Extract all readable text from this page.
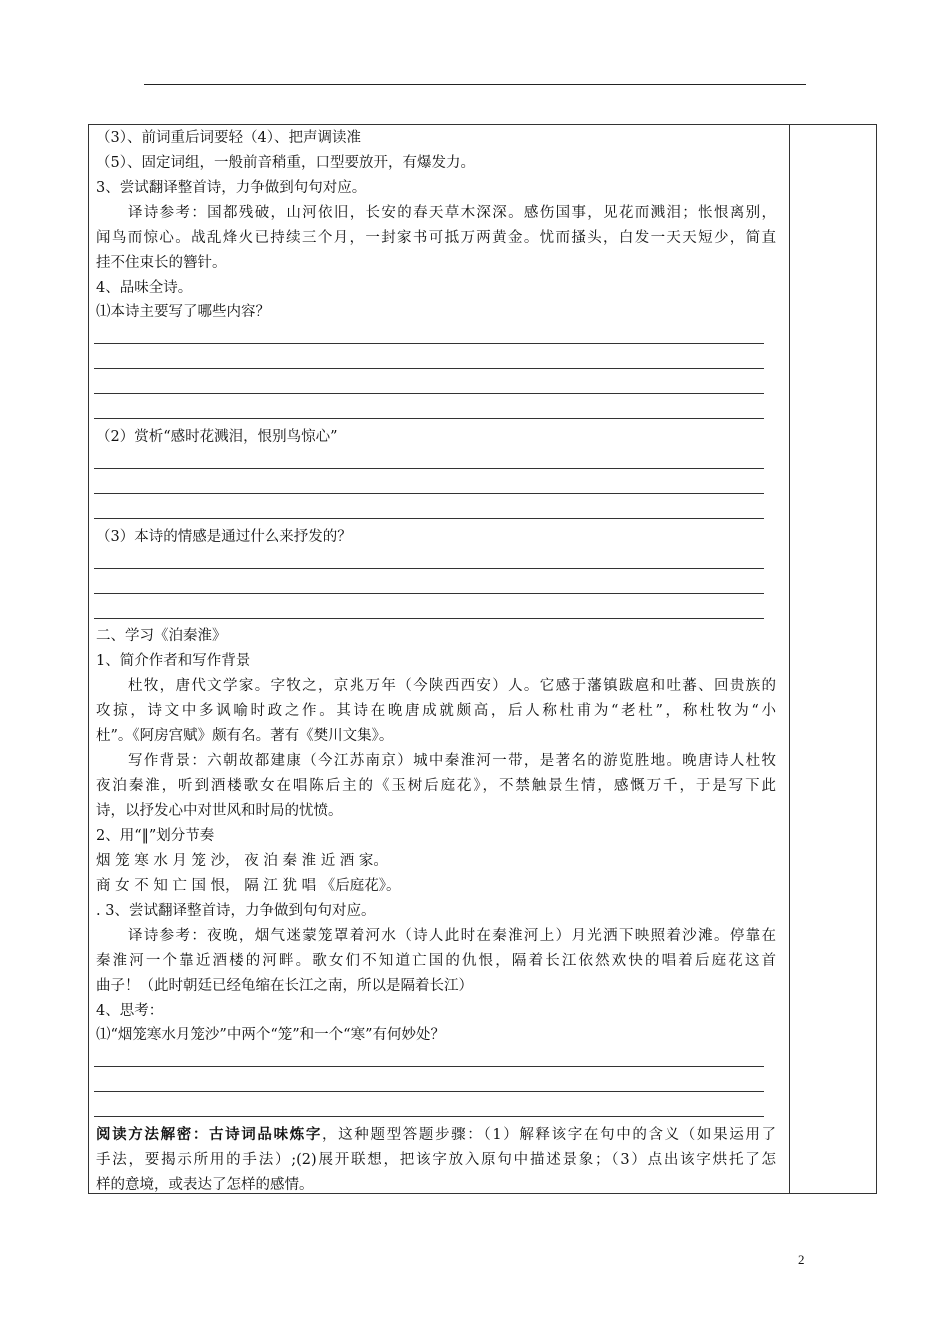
（3）、前词重后词要轻（4）、把声调读准
（5）、固定词组，一般前音稍重，口型要放开，有爆发力。
3、尝试翻译整首诗，力争做到句句对应。
译诗参考：国都残破，山河依旧，长安的春天草木深深。感伤国事，见花而溅泪；怅恨离别，
闻鸟而惊心。战乱烽火已持续三个月，一封家书可抵万两黄金。忧而搔头，白发一天天短少，简直
挂不住束长的簪针。
4、品味全诗。
⑴本诗主要写了哪些内容？
（2）赏析“感时花溅泪，恨别鸟惊心”
（3）本诗的情感是通过什么来抒发的？
二、学习《泊秦淮》
1、简介作者和写作背景
杜牧，唐代文学家。字牧之，京兆万年（今陕西西安）人。它感于藩镇跋扈和吐蕃、回贵族的
攻掠，诗文中多讽喻时政之作。其诗在晚唐成就颇高，后人称杜甫为“老杜”，称杜牧为“小
杜”。《阿房宫赋》颇有名。著有《樊川文集》。
写作背景：六朝故都建康（今江苏南京）城中秦淮河一带，是著名的游览胜地。晚唐诗人杜牧
夜泊秦淮，听到酒楼歌女在唱陈后主的《玉树后庭花》，不禁触景生情，感慨万千，于是写下此
诗，以抒发心中对世风和时局的忧愤。
2、用“‖”划分节奏
烟 笼 寒 水 月 笼 沙， 夜 泊 秦 淮 近 酒 家。
商 女 不 知 亡 国 恨， 隔 江 犹 唱 《后庭花》。
. 3、尝试翻译整首诗，力争做到句句对应。
译诗参考：夜晚，烟气迷蒙笼罩着河水（诗人此时在秦淮河上）月光洒下映照着沙滩。停靠在
秦淮河一个靠近酒楼的河畔。歌女们不知道亡国的仇恨，隔着长江依然欢快的唱着后庭花这首
曲子！（此时朝廷已经龟缩在长江之南，所以是隔着长江）
4、思考：
⑴“烟笼寒水月笼沙”中两个“笼”和一个“寒”有何妙处？
阅读方法解密：古诗词品味炼字，这种题型答题步骤：（1）解释该字在句中的含义（如果运用了
手法，要揭示所用的手法）;(2)展开联想，把该字放入原句中描述景象；（3）点出该字烘托了怎
样的意境，或表达了怎样的感情。
2
